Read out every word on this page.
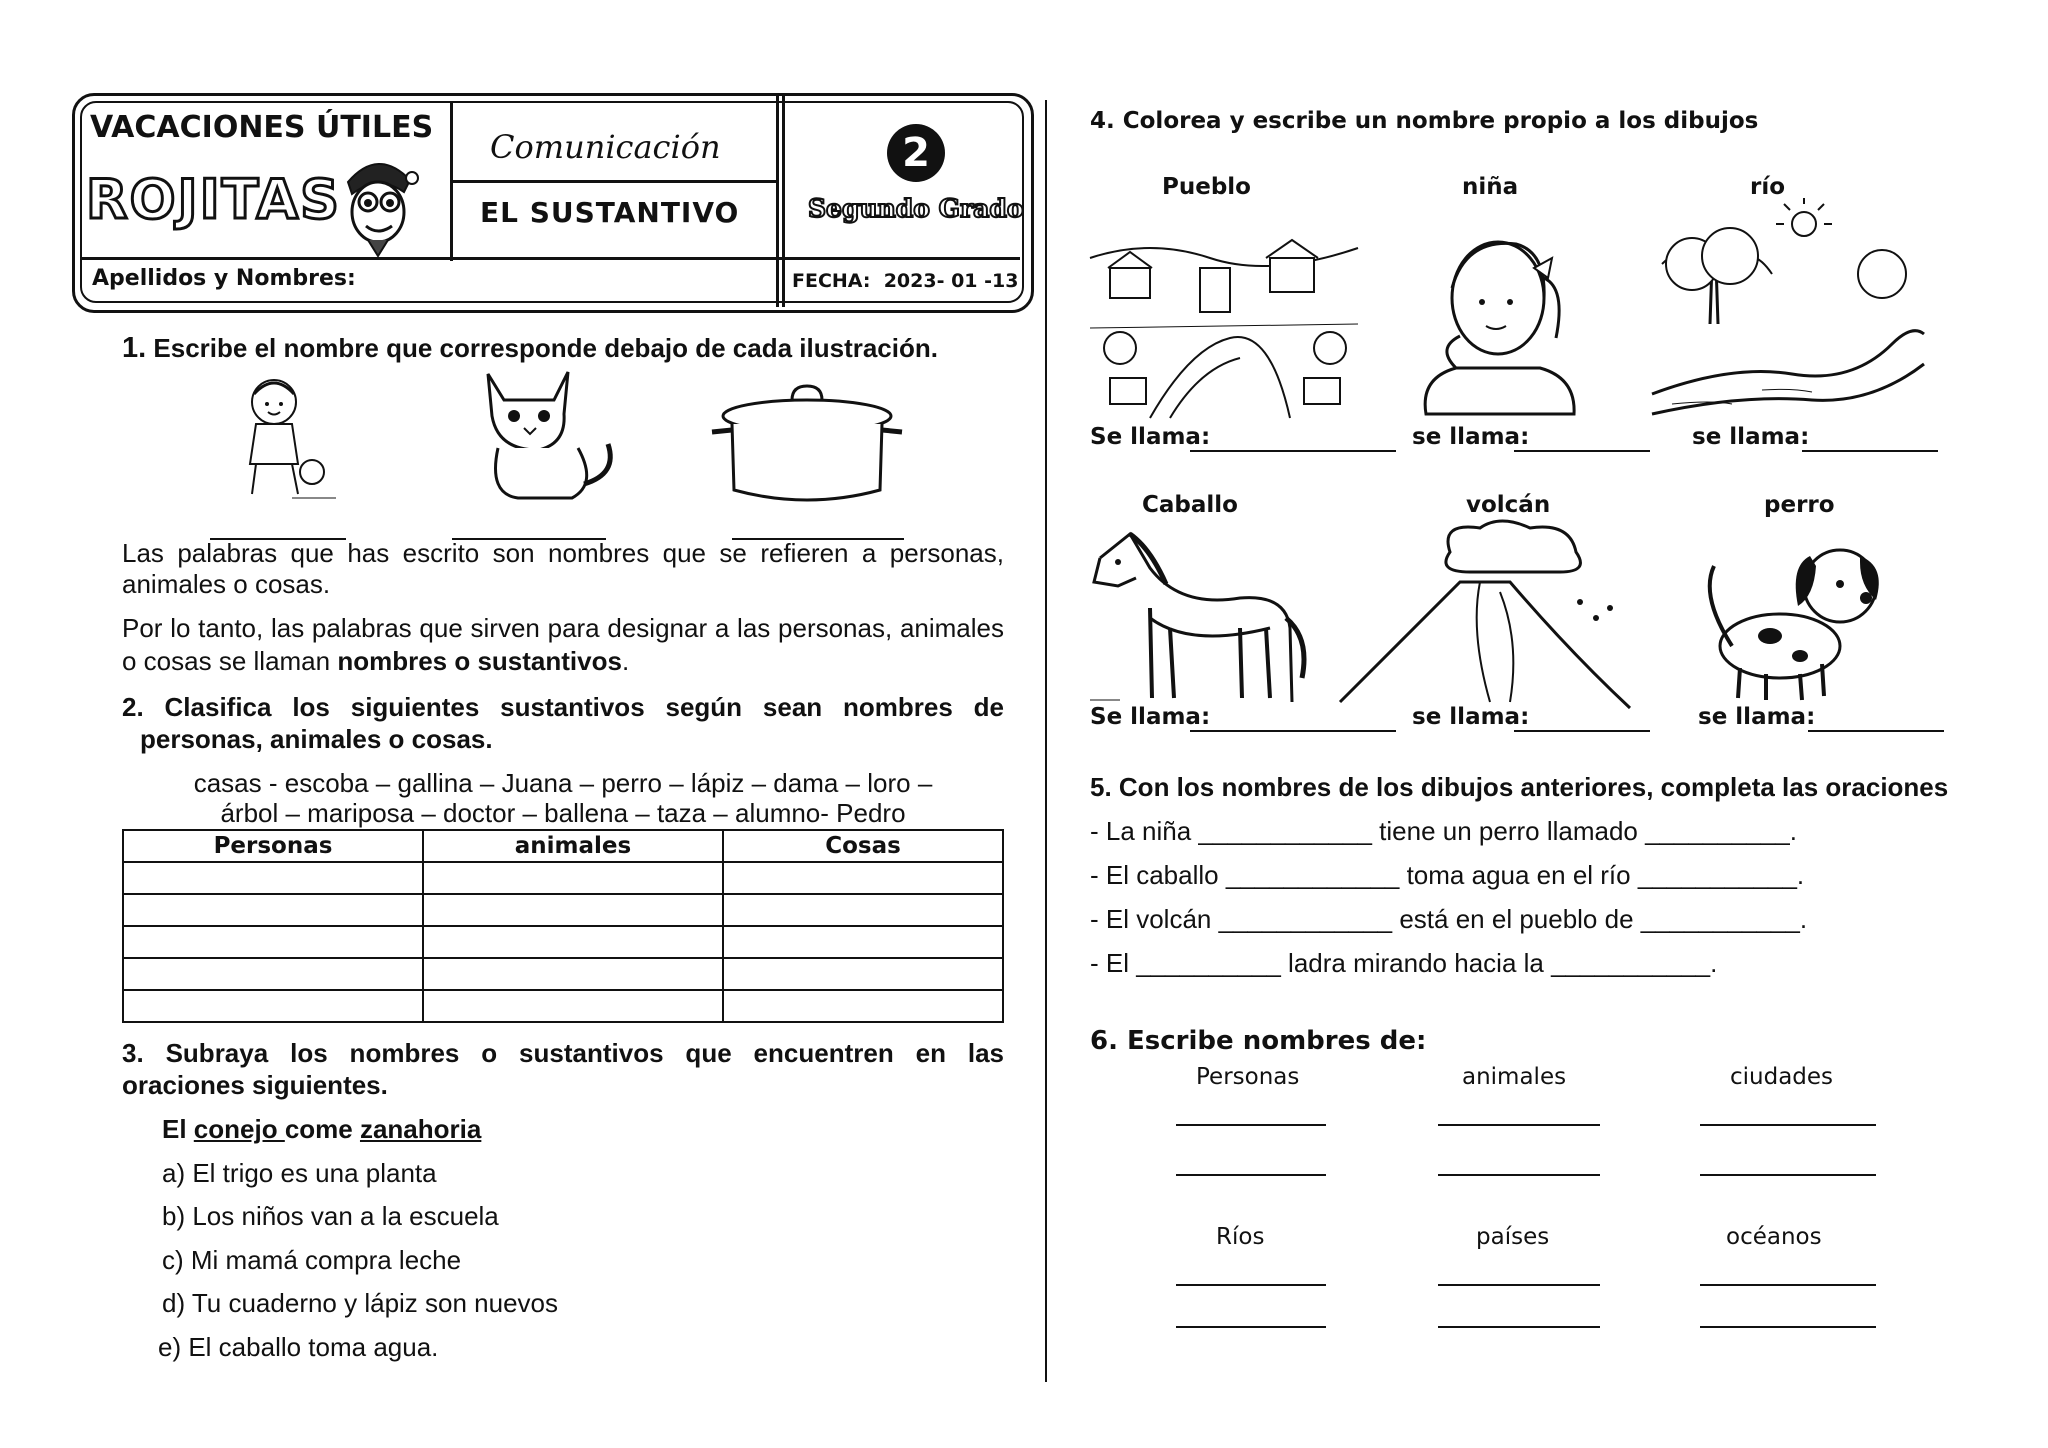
VACACIONES ÚTILES
ROJITAS
Comunicación
EL SUSTANTIVO
2
Segundo Grado
Apellidos y Nombres:	FECHA:  2023- 01 -13
1. Escribe el nombre que corresponde debajo de cada ilustración.
Las palabras que has escrito son nombres que se refieren a personas, animales o cosas.
Por lo tanto, las palabras que sirven para designar a las personas, animales o cosas se llaman nombres o sustantivos.
2. Clasifica los siguientes sustantivos según sean nombres de
personas, animales o cosas.
casas - escoba – gallina – Juana – perro – lápiz – dama – loro –
árbol – mariposa – doctor – ballena – taza – alumno- Pedro
Personas	animales	Cosas

3. Subraya los nombres o sustantivos que encuentren en las
oraciones siguientes.
El conejo come zanahoria
a) El trigo es una planta
b) Los niños van a la escuela
c) Mi mamá compra leche
d) Tu cuaderno y lápiz son nuevos
e) El caballo toma agua.
4. Colorea y escribe un nombre propio a los dibujos
Pueblo	niña	río
Se llama:	se llama:	se llama:
Caballo	volcán	perro
Se llama:	se llama:	se llama:
5. Con los nombres de los dibujos anteriores, completa las oraciones
- La niña ____________ tiene un perro llamado __________.
- El caballo ____________ toma agua en el río ___________.
- El volcán ____________ está en el pueblo de ___________.
- El __________ ladra mirando hacia la ___________.
6. Escribe nombres de:
Personas	animales	ciudades
Ríos	países	océanos
